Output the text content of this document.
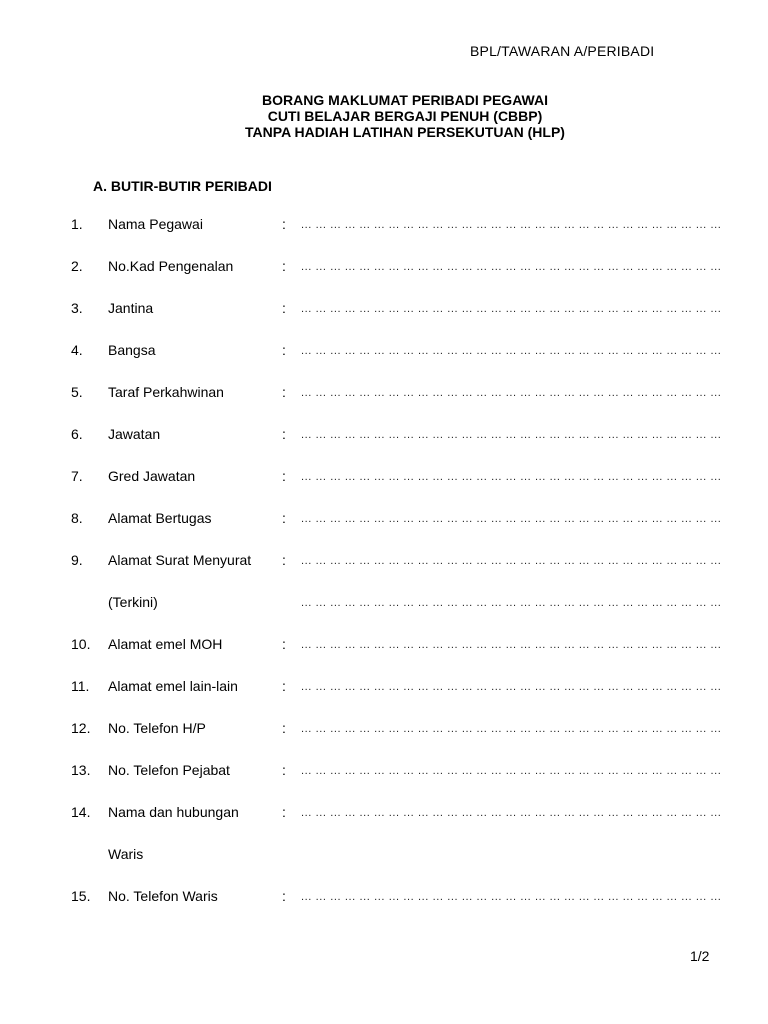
BPL/TAWARAN A/PERIBADI
BORANG MAKLUMAT PERIBADI PEGAWAI
CUTI BELAJAR BERGAJI PENUH (CBBP)
TANPA HADIAH LATIHAN PERSEKUTUAN (HLP)
A. BUTIR-BUTIR PERIBADI
1. Nama Pegawai	: ... ... ... ... ... ... ... ... ... ... ... ... ... ... ... ... ... ... ... ... ... ... ... ... ... ... ... ... ...
2. No.Kad Pengenalan	: ... ... ... ... ... ... ... ... ... ... ... ... ... ... ... ... ... ... ... ... ... ... ... ... ... ... ... ... ...
3. Jantina	: ... ... ... ... ... ... ... ... ... ... ... ... ... ... ... ... ... ... ... ... ... ... ... ... ... ... ... ... ...
4. Bangsa	: ... ... ... ... ... ... ... ... ... ... ... ... ... ... ... ... ... ... ... ... ... ... ... ... ... ... ... ... ...
5. Taraf Perkahwinan	: ... ... ... ... ... ... ... ... ... ... ... ... ... ... ... ... ... ... ... ... ... ... ... ... ... ... ... ... ...
6. Jawatan	: ... ... ... ... ... ... ... ... ... ... ... ... ... ... ... ... ... ... ... ... ... ... ... ... ... ... ... ... ...
7. Gred Jawatan	: ... ... ... ... ... ... ... ... ... ... ... ... ... ... ... ... ... ... ... ... ... ... ... ... ... ... ... ... ...
8. Alamat Bertugas	: ... ... ... ... ... ... ... ... ... ... ... ... ... ... ... ... ... ... ... ... ... ... ... ... ... ... ... ... ...
9. Alamat Surat Menyurat : ... ... ... ... ... ... ... ... ... ... ... ... ... ... ... ... ... ... ... ... ... ... ... ... ... ... ... ... ...
(Terkini)	... ... ... ... ... ... ... ... ... ... ... ... ... ... ... ... ... ... ... ... ... ... ... ... ... ... ... ... ...
10. Alamat emel MOH	: ... ... ... ... ... ... ... ... ... ... ... ... ... ... ... ... ... ... ... ... ... ... ... ... ... ... ... ... ...
11. Alamat emel lain-lain	: ... ... ... ... ... ... ... ... ... ... ... ... ... ... ... ... ... ... ... ... ... ... ... ... ... ... ... ... ...
12. No. Telefon H/P	: ... ... ... ... ... ... ... ... ... ... ... ... ... ... ... ... ... ... ... ... ... ... ... ... ... ... ... ... ...
13. No. Telefon Pejabat	: ... ... ... ... ... ... ... ... ... ... ... ... ... ... ... ... ... ... ... ... ... ... ... ... ... ... ... ... ...
14. Nama dan hubungan	: ... ... ... ... ... ... ... ... ... ... ... ... ... ... ... ... ... ... ... ... ... ... ... ... ... ... ... ... ...
Waris
15. No. Telefon Waris	: ... ... ... ... ... ... ... ... ... ... ... ... ... ... ... ... ... ... ... ... ... ... ... ... ... ... ... ... ...
1/2
